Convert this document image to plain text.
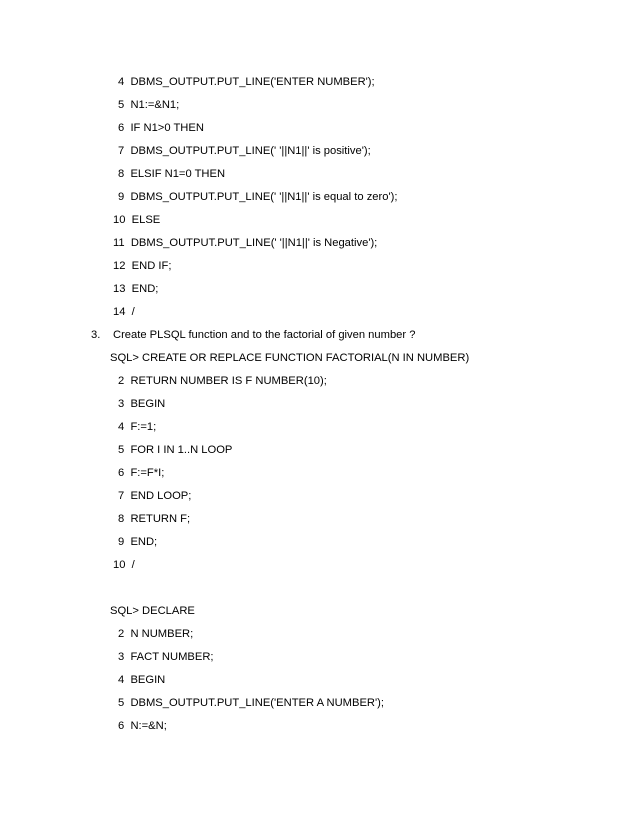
4  DBMS_OUTPUT.PUT_LINE('ENTER NUMBER');
5  N1:=&N1;
6  IF N1>0 THEN
7  DBMS_OUTPUT.PUT_LINE(' '||N1||' is positive');
8  ELSIF N1=0 THEN
9  DBMS_OUTPUT.PUT_LINE(' '||N1||' is equal to zero');
10  ELSE
11  DBMS_OUTPUT.PUT_LINE(' '||N1||' is Negative');
12  END IF;
13  END;
14  /
3. Create PLSQL function and to the factorial of given number ?
SQL> CREATE OR REPLACE FUNCTION FACTORIAL(N IN NUMBER)
2  RETURN NUMBER IS F NUMBER(10);
3  BEGIN
4  F:=1;
5  FOR I IN 1..N LOOP
6  F:=F*I;
7  END LOOP;
8  RETURN F;
9  END;
10  /
SQL> DECLARE
2  N NUMBER;
3  FACT NUMBER;
4  BEGIN
5  DBMS_OUTPUT.PUT_LINE('ENTER A NUMBER');
6  N:=&N;
